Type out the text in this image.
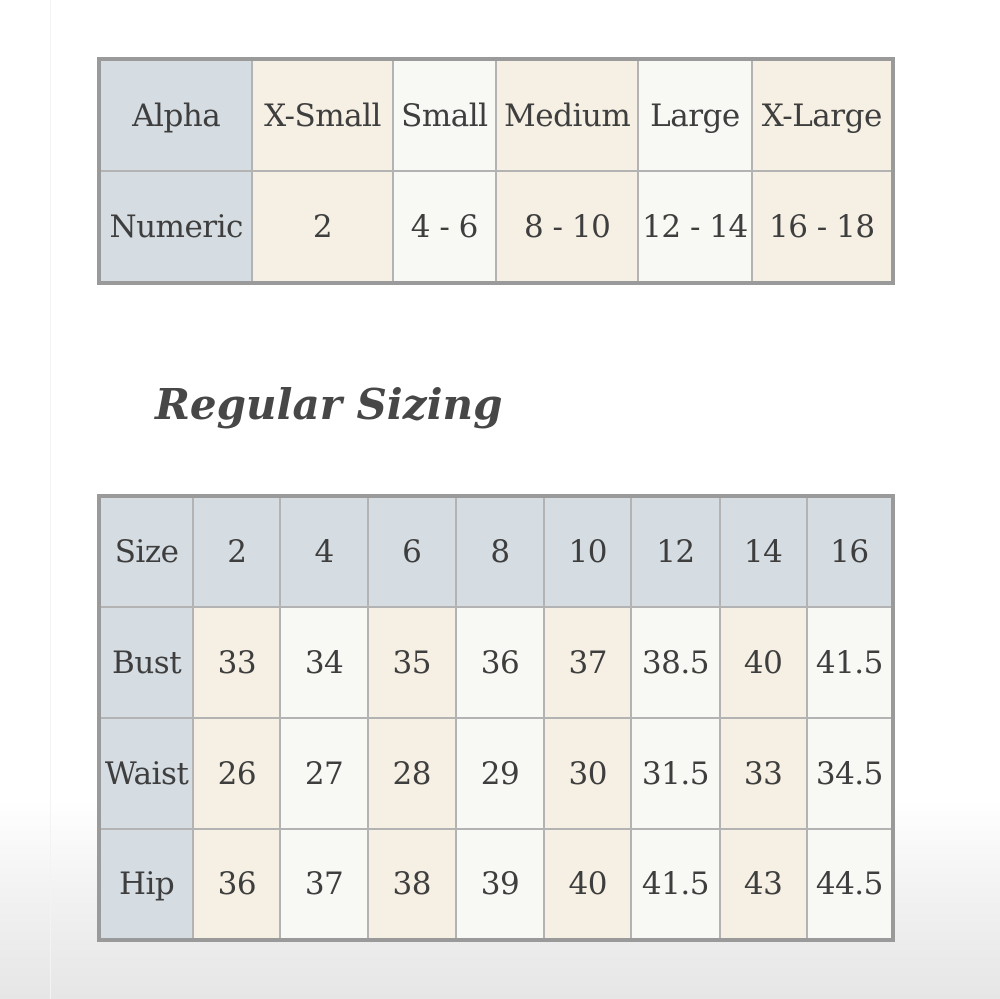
Alpha	X-Small	Small	Medium	Large	X-Large
Numeric	2	4 - 6	8 - 10	12 - 14	16 - 18
Regular Sizing
Size	2	4	6	8	10	12	14	16
Bust	33	34	35	36	37	38.5	40	41.5
Waist	26	27	28	29	30	31.5	33	34.5
Hip	36	37	38	39	40	41.5	43	44.5
